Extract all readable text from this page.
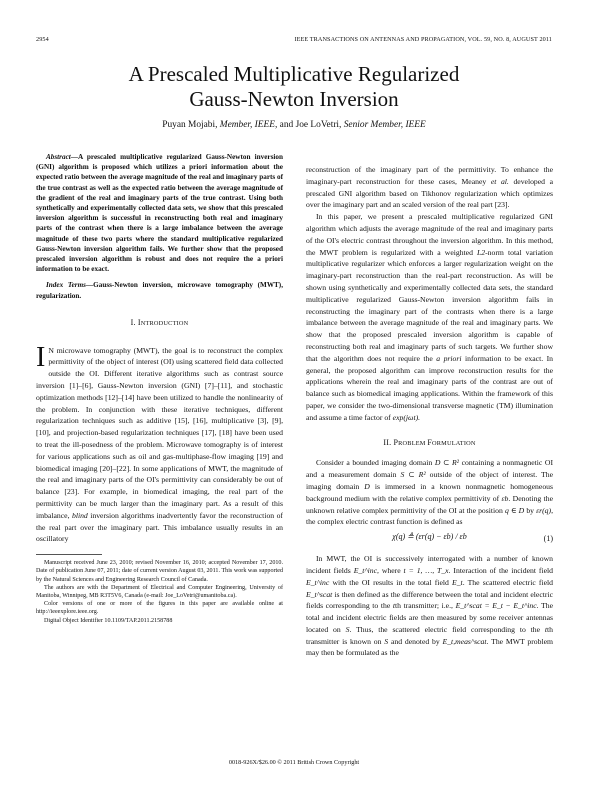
2954	IEEE TRANSACTIONS ON ANTENNAS AND PROPAGATION, VOL. 59, NO. 8, AUGUST 2011
A Prescaled Multiplicative Regularized
Gauss-Newton Inversion
Puyan Mojabi, Member, IEEE, and Joe LoVetri, Senior Member, IEEE

Abstract—A prescaled multiplicative regularized Gauss-Newton inversion (GNI) algorithm is proposed which utilizes a priori information about the expected ratio between the average magnitude of the real and imaginary parts of the true contrast as well as the expected ratio between the average magnitude of the gradient of the real and imaginary parts of the true contrast. Using both synthetically and experimentally collected data sets, we show that this prescaled inversion algorithm is successful in reconstructing both real and imaginary parts of the contrast when there is a large imbalance between the average magnitude of these two parts where the standard multiplicative regularized Gauss-Newton inversion algorithm fails. We further show that the proposed prescaled inversion algorithm is robust and does not require the a priori information to be exact.

Index Terms—Gauss-Newton inversion, microwave tomography (MWT), regularization.

I. INTRODUCTION

I N microwave tomography (MWT), the goal is to reconstruct the complex permittivity of the object of interest (OI) using scattered field data collected outside the OI. Different iterative algorithms such as contrast source inversion [1]–[6], Gauss-Newton inversion (GNI) [7]–[11], and stochastic optimization methods [12]–[14] have been utilized to handle the nonlinearity of the problem. In conjunction with these iterative techniques, different regularization techniques such as additive [15], [16], multiplicative [3], [9], [10], and projection-based regularization techniques [17], [18] have been used to treat the ill-posedness of the problem. Microwave tomography is of interest for various applications such as oil and gas-multiphase-flow imaging [19] and biomedical imaging [20]–[22]. In some applications of MWT, the magnitude of the real and imaginary parts of the OI's permittivity can considerably be out of balance [23]. For example, in biomedical imaging, the real part of the permittivity can be much larger than the imaginary part. As a result of this imbalance, blind inversion algorithms inadvertently favor the reconstruction of the real part over the imaginary part. This imbalance usually results in an oscillatory

Manuscript received June 23, 2010; revised November 16, 2010; accepted November 17, 2010. Date of publication June 07, 2011; date of current version August 03, 2011. This work was supported by the Natural Sciences and Engineering Research Council of Canada.

The authors are with the Department of Electrical and Computer Engineering, University of Manitoba, Winnipeg, MB R3T5V6, Canada (e-mail: Joe_LoVetri@umanitoba.ca).

Color versions of one or more of the figures in this paper are available online at http://ieeexplore.ieee.org.

Digital Object Identifier 10.1109/TAP.2011.2158788

reconstruction of the imaginary part of the permittivity. To enhance the imaginary-part reconstruction for these cases, Meaney et al. developed a prescaled GNI algorithm based on Tikhonov regularization which optimizes over the imaginary part and an scaled version of the real part [23].

In this paper, we present a prescaled multiplicative regularized GNI algorithm which adjusts the average magnitude of the real and imaginary parts of the OI's electric contrast throughout the inversion algorithm. In this method, the MWT problem is regularized with a weighted L2-norm total variation multiplicative regularizer which enforces a larger regularization weight on the imaginary-part reconstruction than the real-part reconstruction. As will be shown using synthetically and experimentally collected data sets, the standard multiplicative regularized Gauss-Newton inversion algorithm fails in reconstructing the imaginary part of the contrasts when there is a large imbalance between the average magnitude of the real and imaginary parts. We show that the proposed prescaled inversion algorithm is capable of reconstructing both real and imaginary parts of such targets. We further show that the algorithm does not require the a priori information to be exact. In general, the proposed algorithm can improve reconstruction results for the applications wherein the real and imaginary parts of the contrast are out of balance such as biomedical imaging applications. Within the framework of this paper, we consider the two-dimensional transverse magnetic (TM) illumination and assume a time factor of exp(jωt).

II. PROBLEM FORMULATION

Consider a bounded imaging domain D ⊂ R² containing a nonmagnetic OI and a measurement domain S ⊂ R² outside of the object of interest. The imaging domain D is immersed in a known nonmagnetic homogeneous background medium with the relative complex permittivity of εb. Denoting the unknown relative complex permittivity of the OI at the position q ∈ D by εr(q), the complex electric contrast function is defined as

χ(q) ≜ (εr(q) − εb) / εb	(1)

In MWT, the OI is successively interrogated with a number of known incident fields E_t^inc, where t = 1, …, T_x. Interaction of the incident field E_t^inc with the OI results in the total field E_t. The scattered electric field E_t^scat is then defined as the difference between the total and incident electric fields corresponding to the tth transmitter; i.e., E_t^scat = E_t − E_t^inc. The total and incident electric fields are then measured by some receiver antennas located on S. Thus, the scattered electric field corresponding to the tth transmitter is known on S and denoted by E_t,meas^scat. The MWT problem may then be formulated as the

0018-926X/$26.00 © 2011 British Crown Copyright
